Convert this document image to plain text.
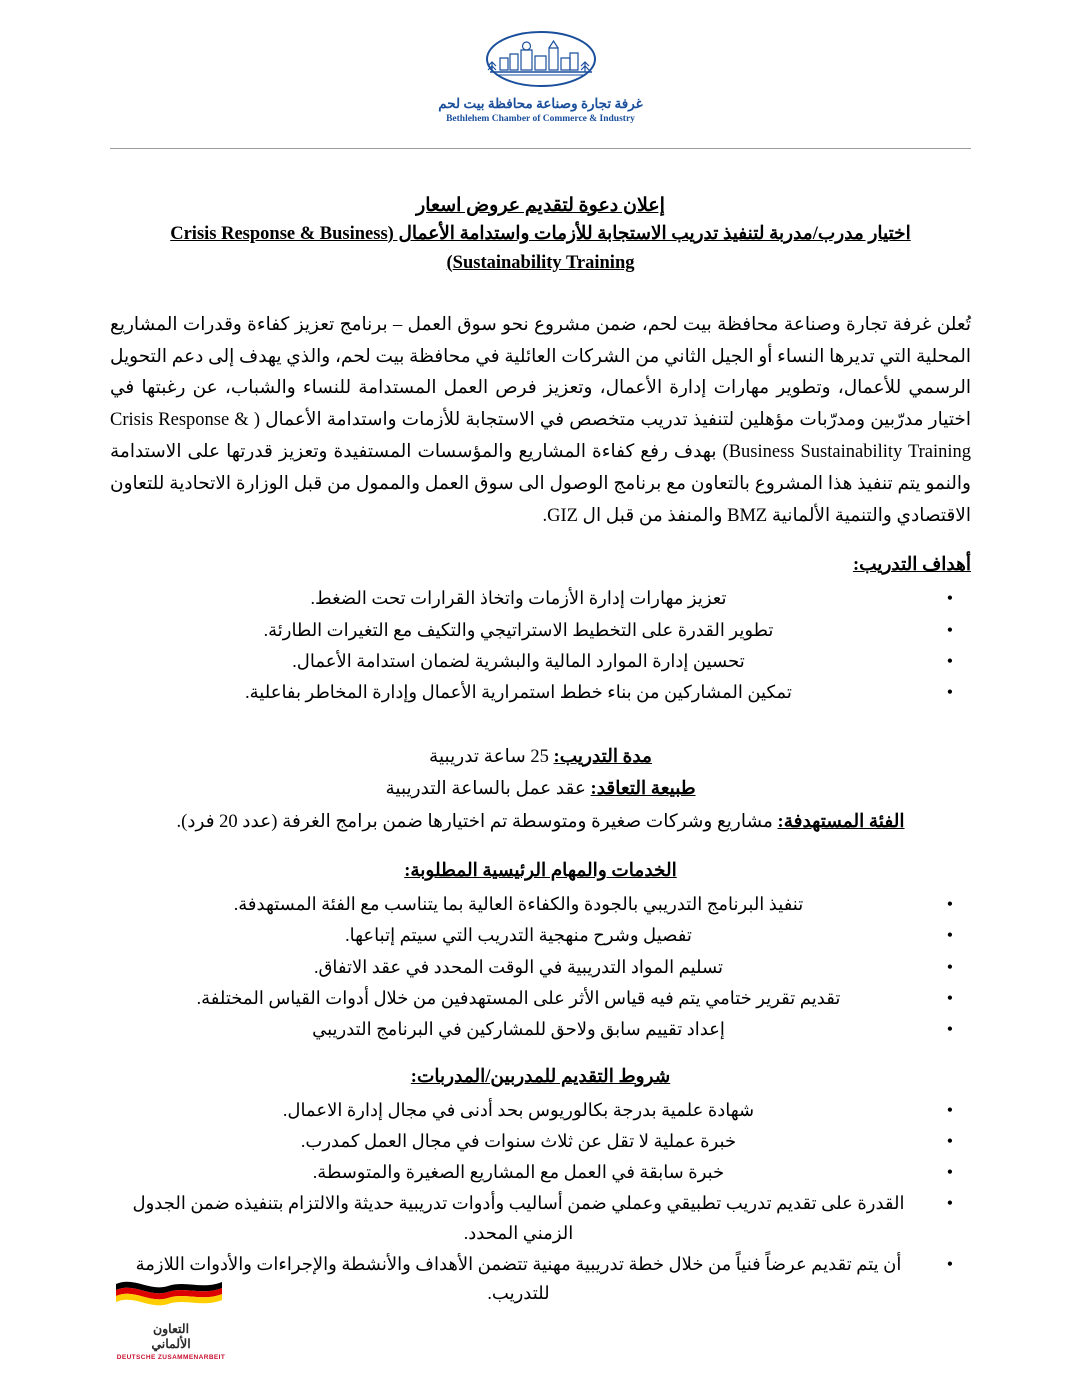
غرفة تجارة وصناعة محافظة بيت لحم
Bethlehem Chamber of Commerce & Industry
إعلان دعوة لتقديم عروض اسعار
اختيار مدرب/مدربة لتنفيذ تدريب الاستجابة للأزمات واستدامة الأعمال (Crisis Response & Business
Sustainability Training)

تُعلن غرفة تجارة وصناعة محافظة بيت لحم، ضمن مشروع نحو سوق العمل – برنامج تعزيز كفاءة وقدرات المشاريع المحلية التي تديرها النساء أو الجيل الثاني من الشركات العائلية في محافظة بيت لحم، والذي يهدف إلى دعم التحويل الرسمي للأعمال، وتطوير مهارات إدارة الأعمال، وتعزيز فرص العمل المستدامة للنساء والشباب، عن رغبتها في اختيار مدرّبين ومدرّبات مؤهلين لتنفيذ تدريب متخصص في الاستجابة للأزمات واستدامة الأعمال ( Crisis Response & Business Sustainability Training) بهدف رفع كفاءة المشاريع والمؤسسات المستفيدة وتعزيز قدرتها على الاستدامة والنمو يتم تنفيذ هذا المشروع بالتعاون مع برنامج الوصول الى سوق العمل والممول من قبل الوزارة الاتحادية للتعاون الاقتصادي والتنمية الألمانية BMZ والمنفذ من قبل ال GIZ.

أهداف التدريب:
• تعزيز مهارات إدارة الأزمات واتخاذ القرارات تحت الضغط.
• تطوير القدرة على التخطيط الاستراتيجي والتكيف مع التغيرات الطارئة.
• تحسين إدارة الموارد المالية والبشرية لضمان استدامة الأعمال.
• تمكين المشاركين من بناء خطط استمرارية الأعمال وإدارة المخاطر بفاعلية.
مدة التدريب: 25 ساعة تدريبية
طبيعة التعاقد: عقد عمل بالساعة التدريبية
الفئة المستهدفة: مشاريع وشركات صغيرة ومتوسطة تم اختيارها ضمن برامج الغرفة (عدد 20 فرد).
الخدمات والمهام الرئيسية المطلوبة:
• تنفيذ البرنامج التدريبي بالجودة والكفاءة العالية بما يتناسب مع الفئة المستهدفة.
• تفصيل وشرح منهجية التدريب التي سيتم إتباعها.
• تسليم المواد التدريبية في الوقت المحدد في عقد الاتفاق.
• تقديم تقرير ختامي يتم فيه قياس الأثر على المستهدفين من خلال أدوات القياس المختلفة.
• إعداد تقييم سابق ولاحق للمشاركين في البرنامج التدريبي
شروط التقديم للمدربين/المدربات:
• شهادة علمية بدرجة بكالوريوس بحد أدنى في مجال إدارة الاعمال.
• خبرة عملية لا تقل عن ثلاث سنوات في مجال العمل كمدرب.
• خبرة سابقة في العمل مع المشاريع الصغيرة والمتوسطة.
• القدرة على تقديم تدريب تطبيقي وعملي ضمن أساليب وأدوات تدريبية حديثة والالتزام بتنفيذه ضمن الجدول الزمني المحدد.
• أن يتم تقديم عرضاً فنياً من خلال خطة تدريبية مهنية تتضمن الأهداف والأنشطة والإجراءات والأدوات اللازمة للتدريب.
التعاون
الألماني
DEUTSCHE ZUSAMMENARBEIT
